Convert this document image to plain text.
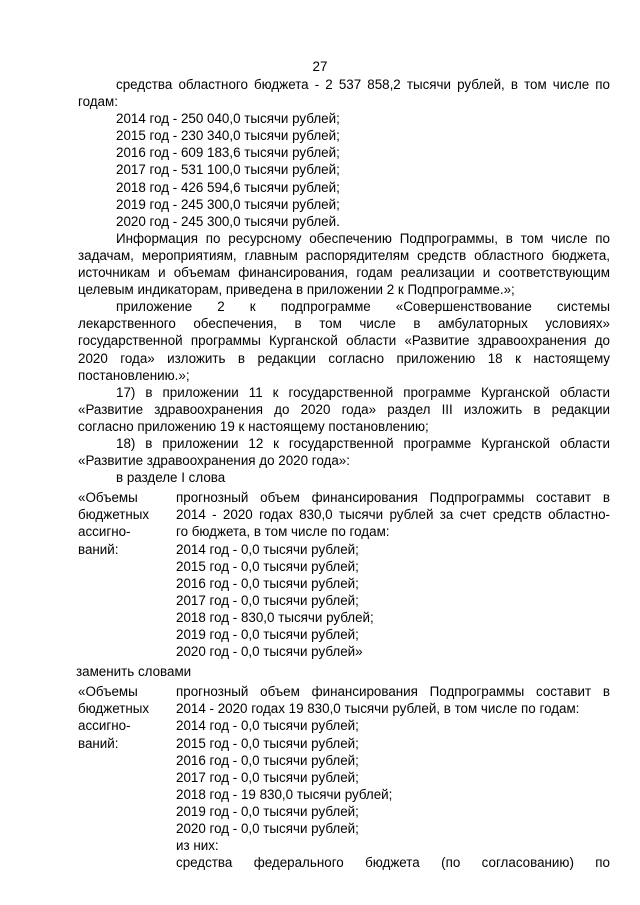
27
средства областного бюджета - 2 537 858,2 тысячи рублей, в том числе по
годам:
2014 год - 250 040,0 тысячи рублей;
2015 год - 230 340,0 тысячи рублей;
2016 год - 609 183,6 тысячи рублей;
2017 год - 531 100,0 тысячи рублей;
2018 год - 426 594,6 тысячи рублей;
2019 год - 245 300,0 тысячи рублей;
2020 год - 245 300,0 тысячи рублей.
Информация по ресурсному обеспечению Подпрограммы, в том числе по
задачам, мероприятиям, главным распорядителям средств областного бюджета,
источникам и объемам финансирования, годам реализации и соответствующим
целевым индикаторам, приведена в приложении 2 к Подпрограмме.»;
приложение 2 к подпрограмме «Совершенствование системы
лекарственного обеспечения, в том числе в амбулаторных условиях»
государственной программы Курганской области «Развитие здравоохранения до
2020 года» изложить в редакции согласно приложению 18 к настоящему
постановлению.»;
17) в приложении 11 к государственной программе Курганской области
«Развитие здравоохранения до 2020 года» раздел III изложить в редакции
согласно приложению 19 к настоящему постановлению;
18) в приложении 12 к государственной программе Курганской области
«Развитие здравоохранения до 2020 года»:
в разделе I слова
«Объемы
бюджетных
ассигно-
ваний:
прогнозный объем финансирования Подпрограммы составит в
2014 - 2020 годах 830,0 тысячи рублей за счет средств областно-
го бюджета, в том числе по годам:
2014 год - 0,0 тысячи рублей;
2015 год - 0,0 тысячи рублей;
2016 год - 0,0 тысячи рублей;
2017 год - 0,0 тысячи рублей;
2018 год - 830,0 тысячи рублей;
2019 год - 0,0 тысячи рублей;
2020 год - 0,0 тысячи рублей»
заменить словами
«Объемы
бюджетных
ассигно-
ваний:
прогнозный объем финансирования Подпрограммы составит в
2014 - 2020 годах 19 830,0 тысячи рублей, в том числе по годам:
2014 год - 0,0 тысячи рублей;
2015 год - 0,0 тысячи рублей;
2016 год - 0,0 тысячи рублей;
2017 год - 0,0 тысячи рублей;
2018 год - 19 830,0 тысячи рублей;
2019 год - 0,0 тысячи рублей;
2020 год - 0,0 тысячи рублей;
из них:
средства федерального бюджета (по согласованию) по
